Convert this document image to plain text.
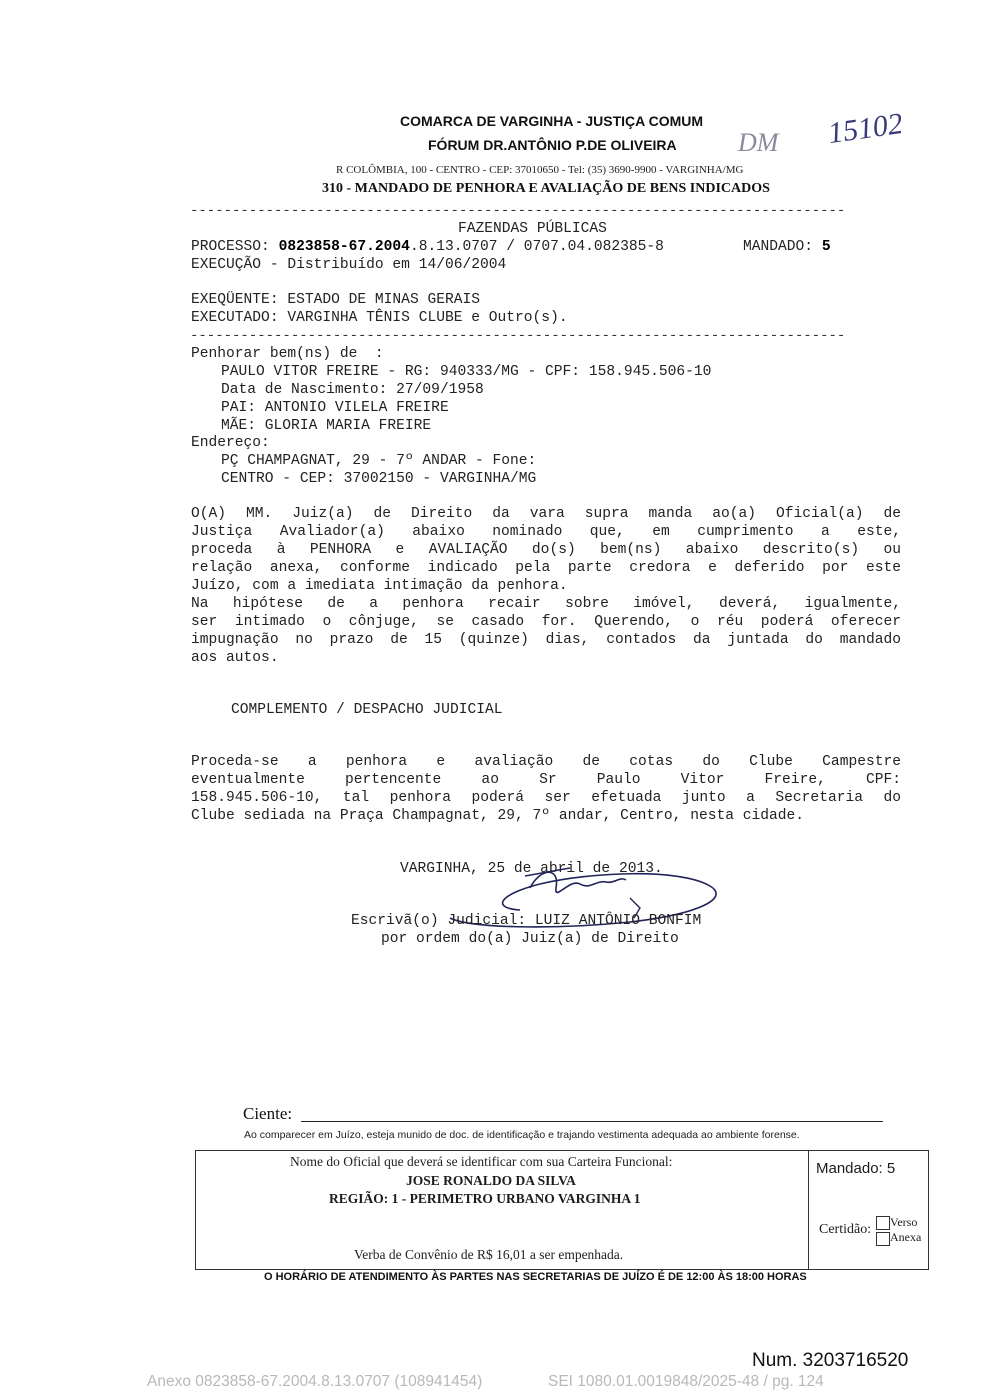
COMARCA DE VARGINHA - JUSTIÇA COMUM
FÓRUM DR.ANTÔNIO P.DE OLIVEIRA DM 15102
R COLÔMBIA, 100 - CENTRO - CEP: 37010650 - Tel: (35) 3690-9900 - VARGINHA/MG
310 - MANDADO DE PENHORA E AVALIAÇÃO DE BENS INDICADOS
------------------------------------------------------------------------------
FAZENDAS PÚBLICAS
PROCESSO: 0823858-67.2004.8.13.0707 / 0707.04.082385-8	MANDADO: 5
EXECUÇÃO - Distribuído em 14/06/2004
EXEQÜENTE: ESTADO DE MINAS GERAIS
EXECUTADO: VARGINHA TÊNIS CLUBE e Outro(s).
------------------------------------------------------------------------------
Penhorar bem(ns) de  :
PAULO VITOR FREIRE - RG: 940333/MG - CPF: 158.945.506-10
Data de Nascimento: 27/09/1958
PAI: ANTONIO VILELA FREIRE
MÃE: GLORIA MARIA FREIRE
Endereço:
PÇ CHAMPAGNAT, 29 - 7º ANDAR - Fone:
CENTRO - CEP: 37002150 - VARGINHA/MG
O(A) MM. Juiz(a) de Direito da vara supra manda ao(a) Oficial(a) de
Justiça Avaliador(a) abaixo nominado que, em cumprimento a este,
proceda à PENHORA e AVALIAÇÃO do(s) bem(ns) abaixo descrito(s) ou
relação anexa, conforme indicado pela parte credora e deferido por este
Juízo, com a imediata intimação da penhora.
Na hipótese de a penhora recair sobre imóvel, deverá, igualmente,
ser intimado o cônjuge, se casado for. Querendo, o réu poderá oferecer
impugnação no prazo de 15 (quinze) dias, contados da juntada do mandado
aos autos.
COMPLEMENTO / DESPACHO JUDICIAL
Proceda-se a penhora e avaliação de cotas do Clube Campestre
eventualmente pertencente ao Sr Paulo Vitor Freire, CPF:
158.945.506-10, tal penhora poderá ser efetuada junto a Secretaria do
Clube sediada na Praça Champagnat, 29, 7º andar, Centro, nesta cidade.
VARGINHA, 25 de abril de 2013.
Escrivã(o) Judicial: LUIZ ANTÔNIO BONFIM
por ordem do(a) Juiz(a) de Direito
Ciente:
Ao comparecer em Juízo, esteja munido de doc. de identificação e trajando vestimenta adequada ao ambiente forense.
Nome do Oficial que deverá se identificar com sua Carteira Funcional:
JOSE RONALDO DA SILVA
REGIÃO: 1 - PERIMETRO URBANO VARGINHA 1
Verba de Convênio de R$ 16,01 a ser empenhada.
Mandado: 5
Certidão:	Verso
Anexa
O HORÁRIO DE ATENDIMENTO ÀS PARTES NAS SECRETARIAS DE JUÍZO É DE 12:00 ÀS 18:00 HORAS
Num. 3203716520
Anexo 0823858-67.2004.8.13.0707 (108941454)	SEI 1080.01.0019848/2025-48 / pg. 124
